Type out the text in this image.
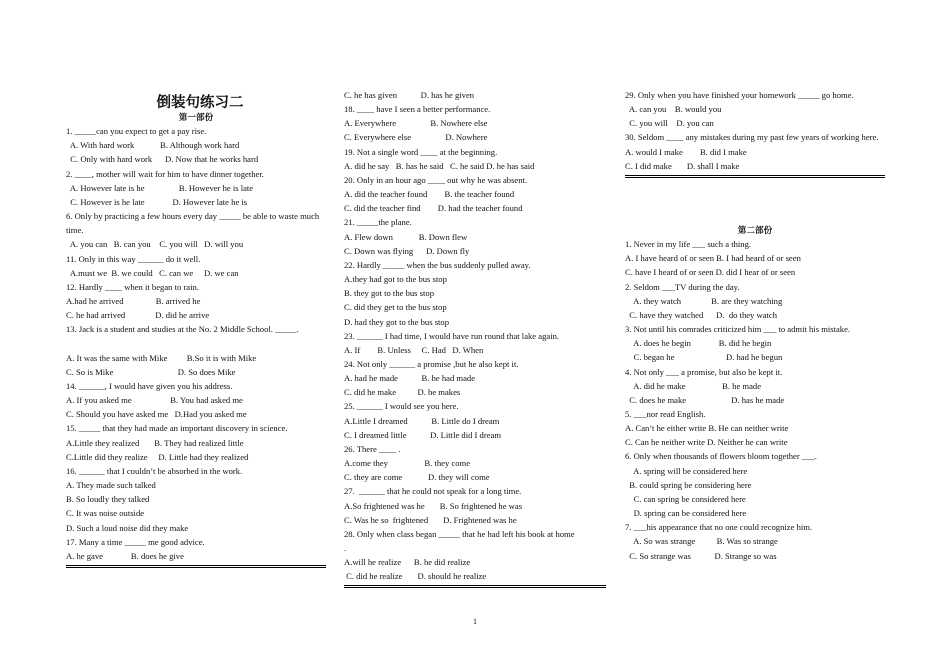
倒装句练习二
第一部份
1. _____can you expect to get a pay rise.
A. With hard work            B. Although work hard
C. Only with hard work      D. Now that he works hard
2. ____, mother will wait for him to have dinner together.
A. However late is he                B. However he is late
C. However is he late             D. However late he is
6. Only by practicing a few hours every day _____ be able to waste much time.
A. you can   B. can you    C. you will   D. will you
11. Only in this way ______ do it well.
A.must we  B. we could   C. can we     D. we can
12. Hardly ____ when it began to rain.
A.had he arrived               B. arrived he
C. he had arrived              D. did he arrive
13. Jack is a student and studies at the No. 2 Middle School. _____.
A. It was the same with Mike         B.So it is with Mike
C. So is Mike                              D. So does Mike
14. ______, I would have given you his address.
A. If you asked me                  B. You had asked me
C. Should you have asked me   D.Had you asked me
15. _____ that they had made an important discovery in science.
A.Little they realized       B. They had realized little
C.Little did they realize     D. Little had they realized
16. ______ that I couldn’t be absorbed in the work.
A. They made such talked
B. So loudly they talked
C. It was noise outside
D. Such a loud noise did they make
17. Many a time _____ me good advice.
A. he gave             B. does he give
C. he has given           D. has he given
18. ____ have I seen a better performance.
A. Everywhere                B. Nowhere else
C. Everywhere else                D. Nowhere
19. Not a single word ____ at the beginning.
A. did he say   B. has he said   C. he said D. he has said
20. Only in an hour ago ____ out why he was absent.
A. did the teacher found        B. the teacher found
C. did the teacher find        D. had the teacher found
21. _____the plane.
A. Flew down            B. Down flew
C. Down was flying      D. Down fly
22. Hardly _____ when the bus suddenly pulled away.
A.they had got to the bus stop
B. they got to the bus stop
C. did they get to the bus stop
D. had they got to the bus stop
23. ______ I had time, I would have run round that lake again.
A. If        B. Unless     C. Had   D. When
24. Not only ______ a promise ,but he also kept it.
A. had he made           B. he had made
C. did he make          D. he makes
25. ______ I would see you here.
A.Little I dreamed           B. Little do I dream
C. I dreamed little           D. Little did I dream
26. There ____ .
A.come they                 B. they come
C. they are come            D. they will come
27.  ______ that he could not speak for a long time.
A.So frightened was he       B. So frightened he was
C. Was he so  frightened       D. Frightened was he
28. Only when class began _____ that he had left his book at home
.
A.will he realize      B. he did realize
C. did he realize       D. should he realize
29. Only when you have finished your homework _____ go home.
A. can you    B. would you
C. you will    D. you can
30. Seldom ____ any mistakes during my past few years of working here.
A. would I make        B. did I make
C. I did make       D. shall I make
第二部份
1. Never in my life ___ such a thing.
A. I have heard of or seen B. I had heard of or seen
C. have I heard of or seen D. did I hear of or seen
2. Seldom ___TV during the day.
A. they watch              B. are they watching
C. have they watched      D.  do they watch
3. Not until his comrades criticized him ___ to admit his mistake.
A. does he begin             B. did he begin
C. began he                        D. had he begun
4. Not only ___ a promise, but also he kept it.
A. did he make                 B. he made
C. does he make                     D. has he made
5. ___nor read English.
A. Can’t he either write B. He can neither write
C. Can he neither write D. Neither he can write
6. Only when thousands of flowers bloom together ___.
A. spring will be considered here
B. could spring be considering here
C. can spring be considered here
D. spring can be considered here
7. ___his appearance that no one could recognize him.
A. So was strange          B. Was so strange
C. So strange was           D. Strange so was
1
